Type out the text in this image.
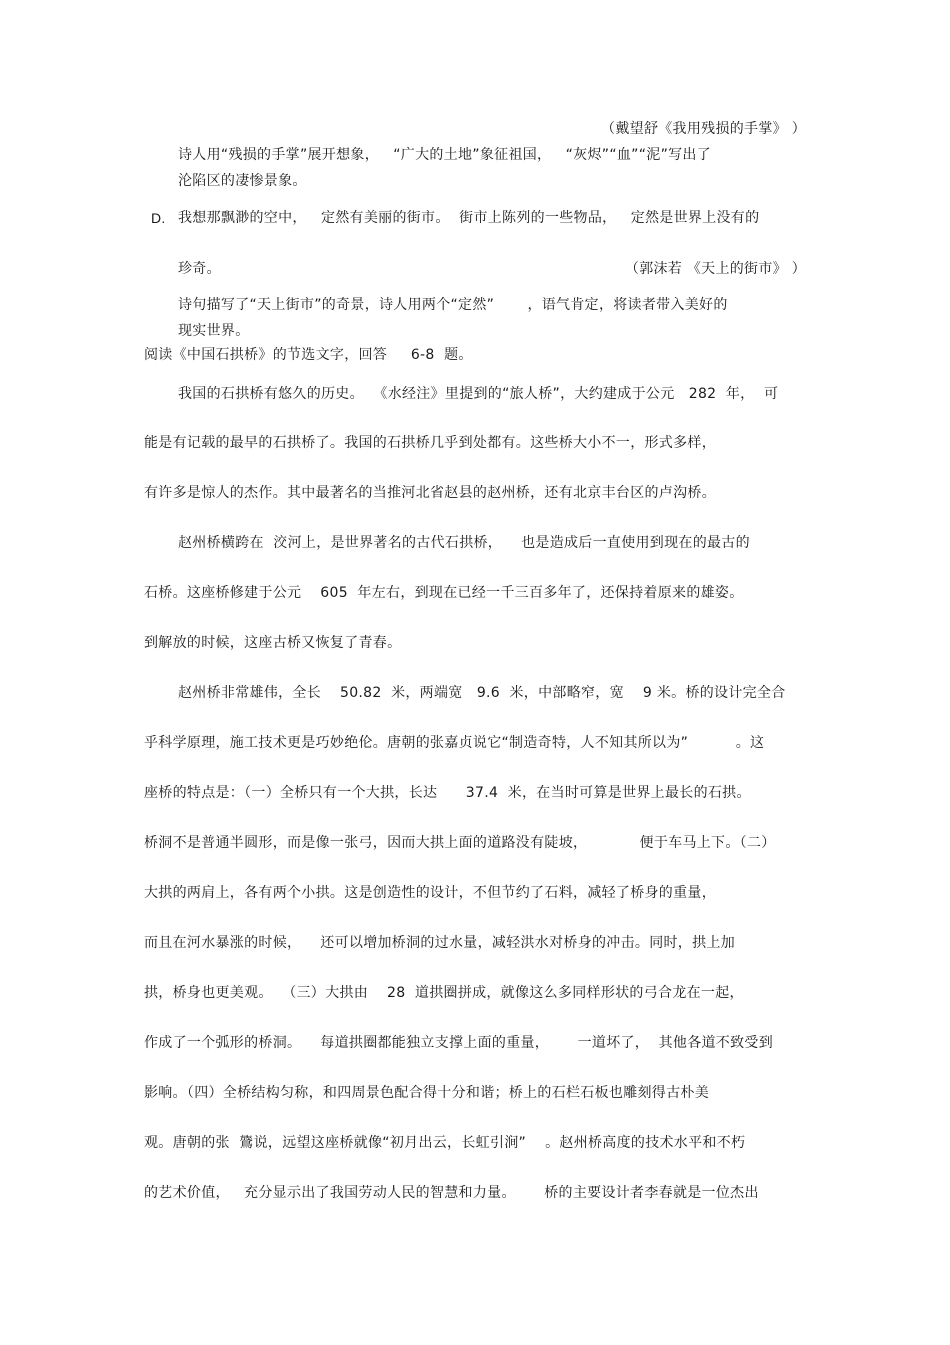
（戴望舒《我用残损的手掌》 ）
诗人用“残损的手掌”展开想象，   “广大的土地”象征祖国，   “灰烬”“血”“泥”写出了
沦陷区的凄惨景象。
D. 我想那飘渺的空中，   定然有美丽的街市。  街市上陈列的一些物品，   定然是世界上没有的
珍奇。	（郭沫若 《天上的街市》 ）
诗句描写了“天上街市”的奇景，诗人用两个“定然”       ，语气肯定，将读者带入美好的
现实世界。
阅读《中国石拱桥》的节选文字，回答     6-8  题。
我国的石拱桥有悠久的历史。  《水经注》里提到的“旅人桥”，大约建成于公元   282  年，  可
能是有记载的最早的石拱桥了。我国的石拱桥几乎到处都有。这些桥大小不一，形式多样，
有许多是惊人的杰作。其中最著名的当推河北省赵县的赵州桥，还有北京丰台区的卢沟桥。
赵州桥横跨在  洨河上，是世界著名的古代石拱桥，    也是造成后一直使用到现在的最古的
石桥。这座桥修建于公元    605  年左右，到现在已经一千三百多年了，还保持着原来的雄姿。
到解放的时候，这座古桥又恢复了青春。
赵州桥非常雄伟，全长    50.82  米，两端宽   9.6  米，中部略窄，宽    9 米。桥的设计完全合
乎科学原理，施工技术更是巧妙绝伦。唐朝的张嘉贞说它“制造奇特，人不知其所以为”          。这
座桥的特点是：（一）全桥只有一个大拱，长达      37.4  米，在当时可算是世界上最长的石拱。
桥洞不是普通半圆形，而是像一张弓，因而大拱上面的道路没有陡坡，           便于车马上下。（二）
大拱的两肩上，各有两个小拱。这是创造性的设计，不但节约了石料，减轻了桥身的重量，
而且在河水暴涨的时候，    还可以增加桥洞的过水量，减轻洪水对桥身的冲击。同时，拱上加
拱，桥身也更美观。  （三）大拱由    28  道拱圈拼成，就像这么多同样形状的弓合龙在一起，
作成了一个弧形的桥洞。    每道拱圈都能独立支撑上面的重量，      一道坏了，  其他各道不致受到
影响。（四）全桥结构匀称，和四周景色配合得十分和谐；桥上的石栏石板也雕刻得古朴美
观。唐朝的张  鷟说，远望这座桥就像“初月出云，长虹引涧”    。赵州桥高度的技术水平和不朽
的艺术价值，   充分显示出了我国劳动人民的智慧和力量。      桥的主要设计者李春就是一位杰出
